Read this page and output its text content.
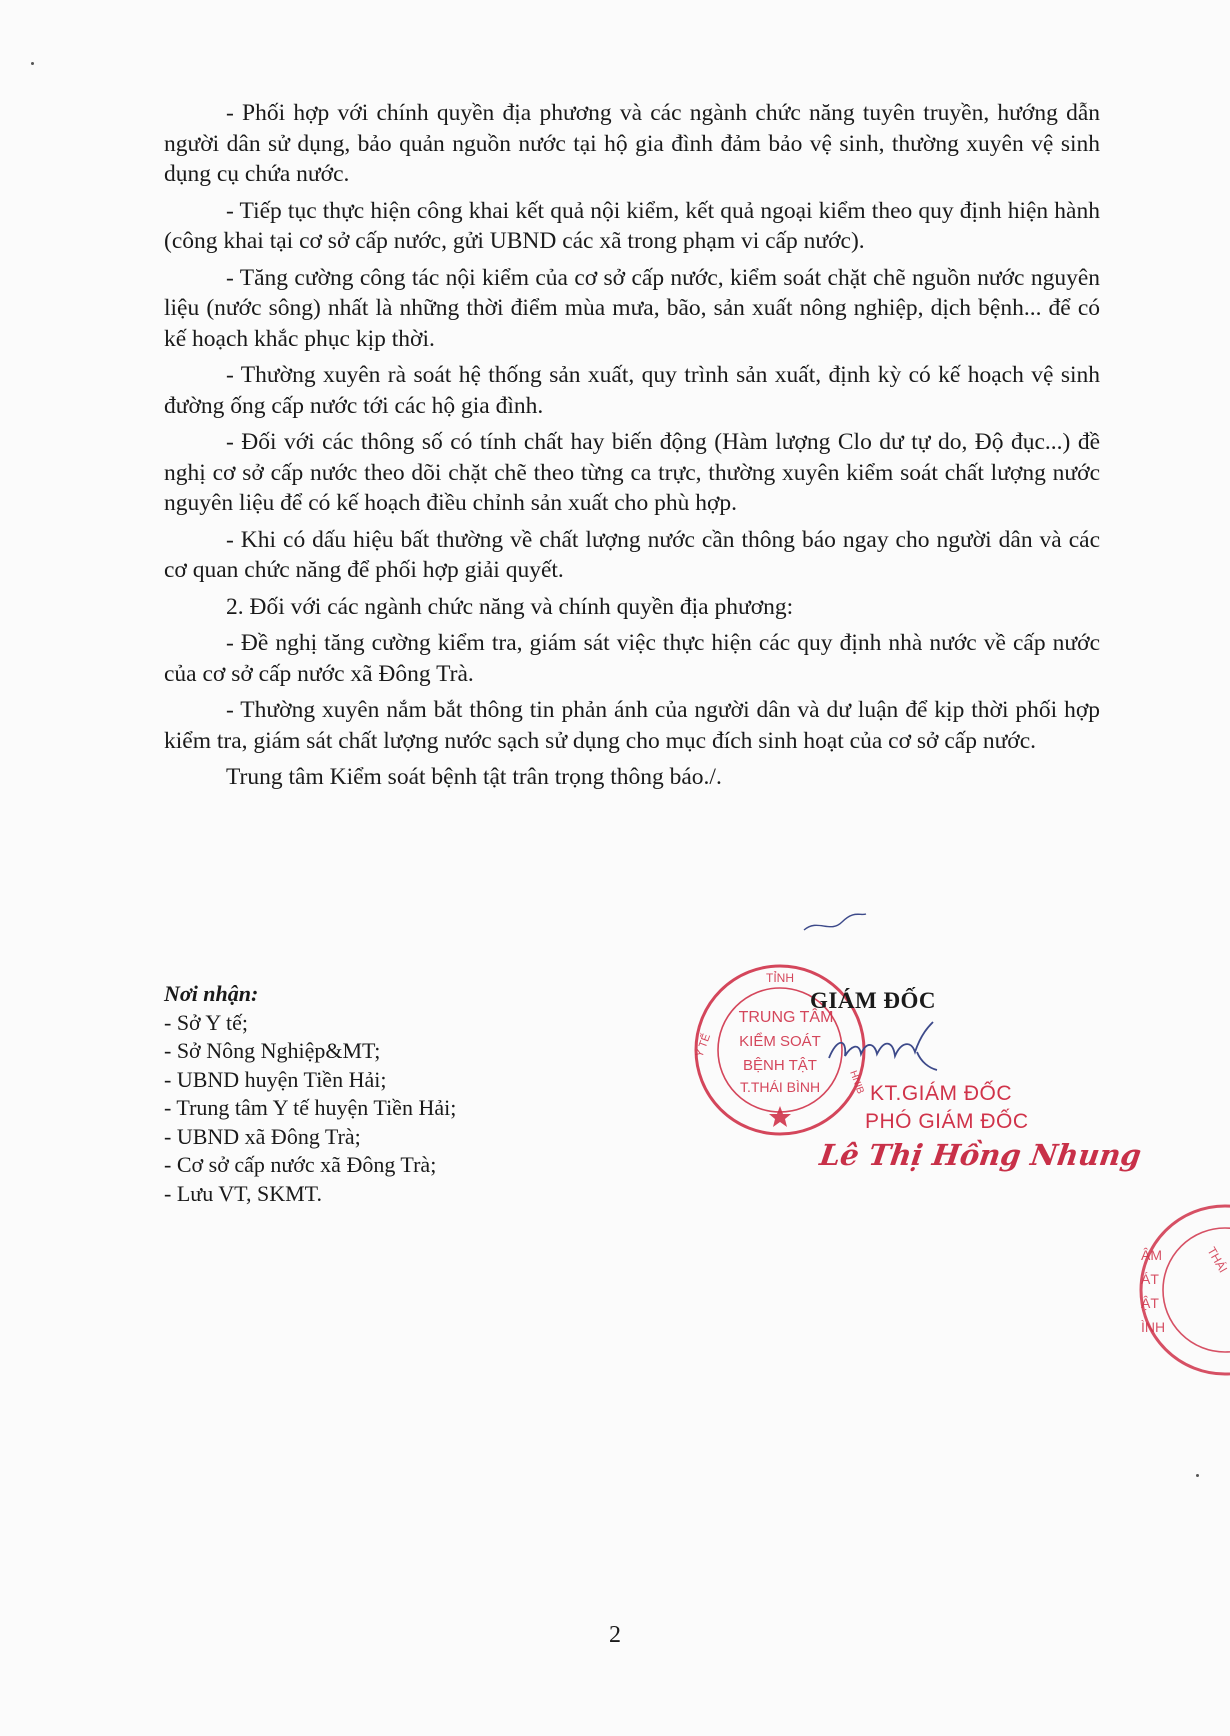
- Phối hợp với chính quyền địa phương và các ngành chức năng tuyên truyền, hướng dẫn người dân sử dụng, bảo quản nguồn nước tại hộ gia đình đảm bảo vệ sinh, thường xuyên vệ sinh dụng cụ chứa nước.

- Tiếp tục thực hiện công khai kết quả nội kiểm, kết quả ngoại kiểm theo quy định hiện hành (công khai tại cơ sở cấp nước, gửi UBND các xã trong phạm vi cấp nước).

- Tăng cường công tác nội kiểm của cơ sở cấp nước, kiểm soát chặt chẽ nguồn nước nguyên liệu (nước sông) nhất là những thời điểm mùa mưa, bão, sản xuất nông nghiệp, dịch bệnh... để có kế hoạch khắc phục kịp thời.

- Thường xuyên rà soát hệ thống sản xuất, quy trình sản xuất, định kỳ có kế hoạch vệ sinh đường ống cấp nước tới các hộ gia đình.

- Đối với các thông số có tính chất hay biến động (Hàm lượng Clo dư tự do, Độ đục...) đề nghị cơ sở cấp nước theo dõi chặt chẽ theo từng ca trực, thường xuyên kiểm soát chất lượng nước nguyên liệu để có kế hoạch điều chỉnh sản xuất cho phù hợp.

- Khi có dấu hiệu bất thường về chất lượng nước cần thông báo ngay cho người dân và các cơ quan chức năng để phối hợp giải quyết.

2. Đối với các ngành chức năng và chính quyền địa phương:

- Đề nghị tăng cường kiểm tra, giám sát việc thực hiện các quy định nhà nước về cấp nước của cơ sở cấp nước xã Đông Trà.

- Thường xuyên nắm bắt thông tin phản ánh của người dân và dư luận để kịp thời phối hợp kiểm tra, giám sát chất lượng nước sạch sử dụng cho mục đích sinh hoạt của cơ sở cấp nước.

Trung tâm Kiểm soát bệnh tật trân trọng thông báo./.

Nơi nhận:
- Sở Y tế;
- Sở Nông Nghiệp&MT;
- UBND huyện Tiền Hải;
- Trung tâm Y tế huyện Tiền Hải;
- UBND xã Đông Trà;
- Cơ sở cấp nước xã Đông Trà;
- Lưu VT, SKMT.
TỈNH
Y TẾ
HNIB
TRUNG TÂM
KIỂM SOÁT
BỆNH TẬT
T.THÁI BÌNH
GIÁM ĐỐC
KT.GIÁM ĐỐC
PHÓ GIÁM ĐỐC
Lê Thị Hồng Nhung
ÂM
ÁT
ẬT
ÌNH
THÁI
2
